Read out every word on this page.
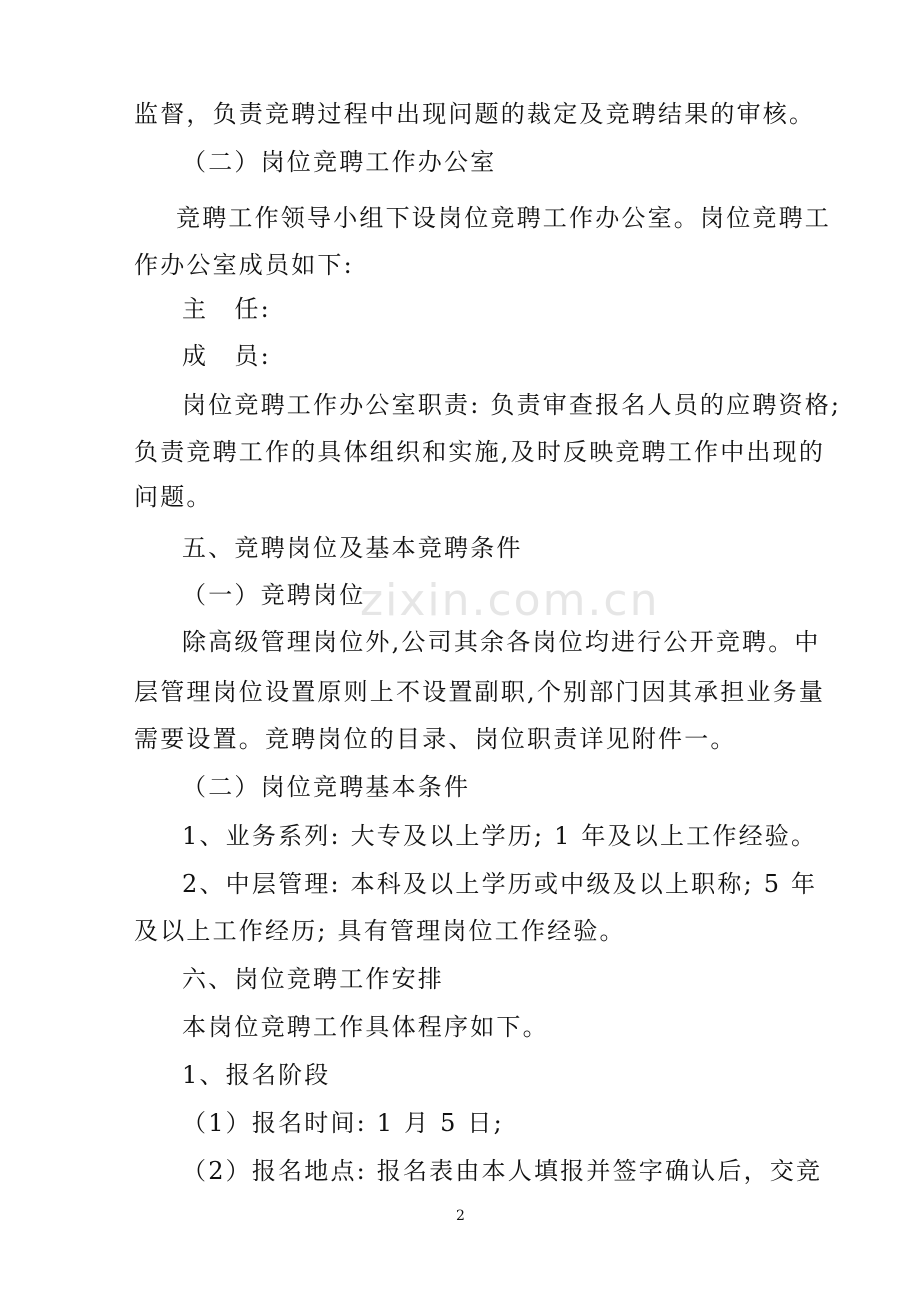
zixin.com.cn
监督，负责竞聘过程中出现问题的裁定及竞聘结果的审核。
（二）岗位竞聘工作办公室
竞聘工作领导小组下设岗位竞聘工作办公室。岗位竞聘工
作办公室成员如下:
主　任:
成　员:
岗位竞聘工作办公室职责: 负责审查报名人员的应聘资格;
负责竞聘工作的具体组织和实施,及时反映竞聘工作中出现的
问题。
五、竞聘岗位及基本竞聘条件
（一）竞聘岗位
除高级管理岗位外,公司其余各岗位均进行公开竞聘。中
层管理岗位设置原则上不设置副职,个别部门因其承担业务量
需要设置。竞聘岗位的目录、岗位职责详见附件一。
（二）岗位竞聘基本条件
1、业务系列: 大专及以上学历; 1 年及以上工作经验。
2、中层管理: 本科及以上学历或中级及以上职称; 5 年
及以上工作经历; 具有管理岗位工作经验。
六、岗位竞聘工作安排
本岗位竞聘工作具体程序如下。
1、报名阶段
（1）报名时间: 1 月 5 日;
（2）报名地点: 报名表由本人填报并签字确认后，交竞
2
